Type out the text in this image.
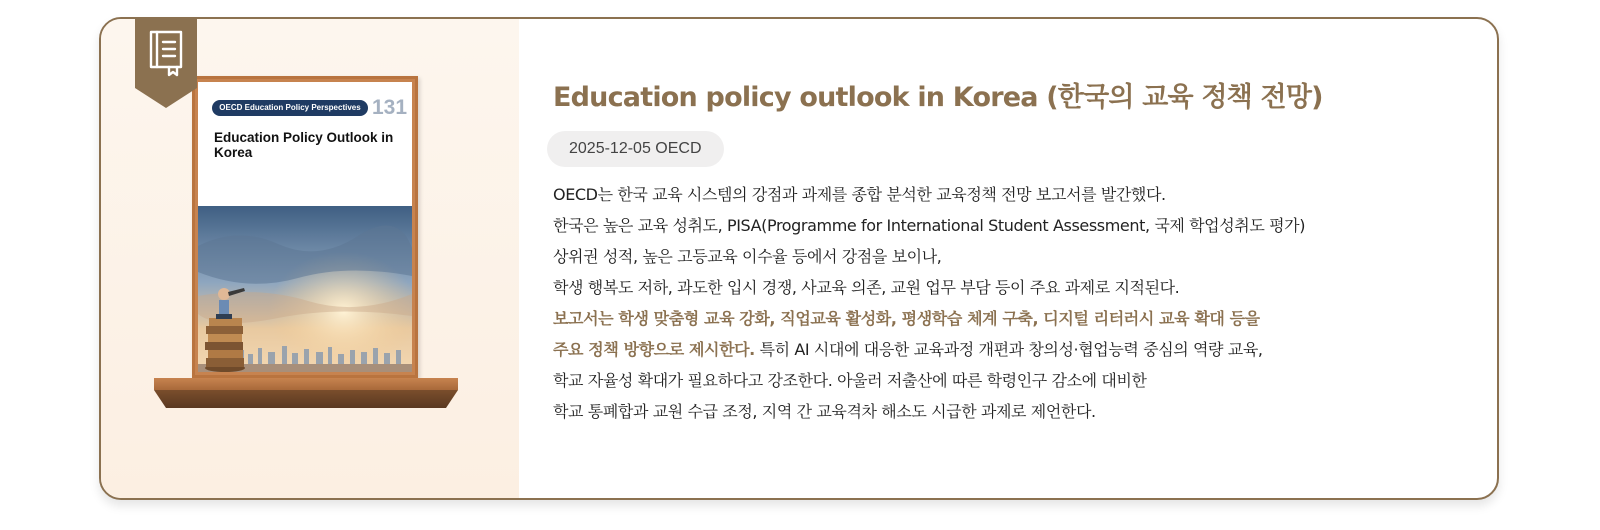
OECD Education Policy Perspectives 131
Education Policy Outlook in Korea
Education policy outlook in Korea (한국의 교육 정책 전망)
2025-12-05 OECD
OECD는 한국 교육 시스템의 강점과 과제를 종합 분석한 교육정책 전망 보고서를 발간했다.
한국은 높은 교육 성취도, PISA(Programme for International Student Assessment, 국제 학업성취도 평가)
상위권 성적, 높은 고등교육 이수율 등에서 강점을 보이나,
학생 행복도 저하, 과도한 입시 경쟁, 사교육 의존, 교원 업무 부담 등이 주요 과제로 지적된다.
보고서는 학생 맞춤형 교육 강화, 직업교육 활성화, 평생학습 체계 구축, 디지털 리터러시 교육 확대 등을
주요 정책 방향으로 제시한다. 특히 AI 시대에 대응한 교육과정 개편과 창의성·협업능력 중심의 역량 교육,
학교 자율성 확대가 필요하다고 강조한다. 아울러 저출산에 따른 학령인구 감소에 대비한
학교 통폐합과 교원 수급 조정, 지역 간 교육격차 해소도 시급한 과제로 제언한다.
